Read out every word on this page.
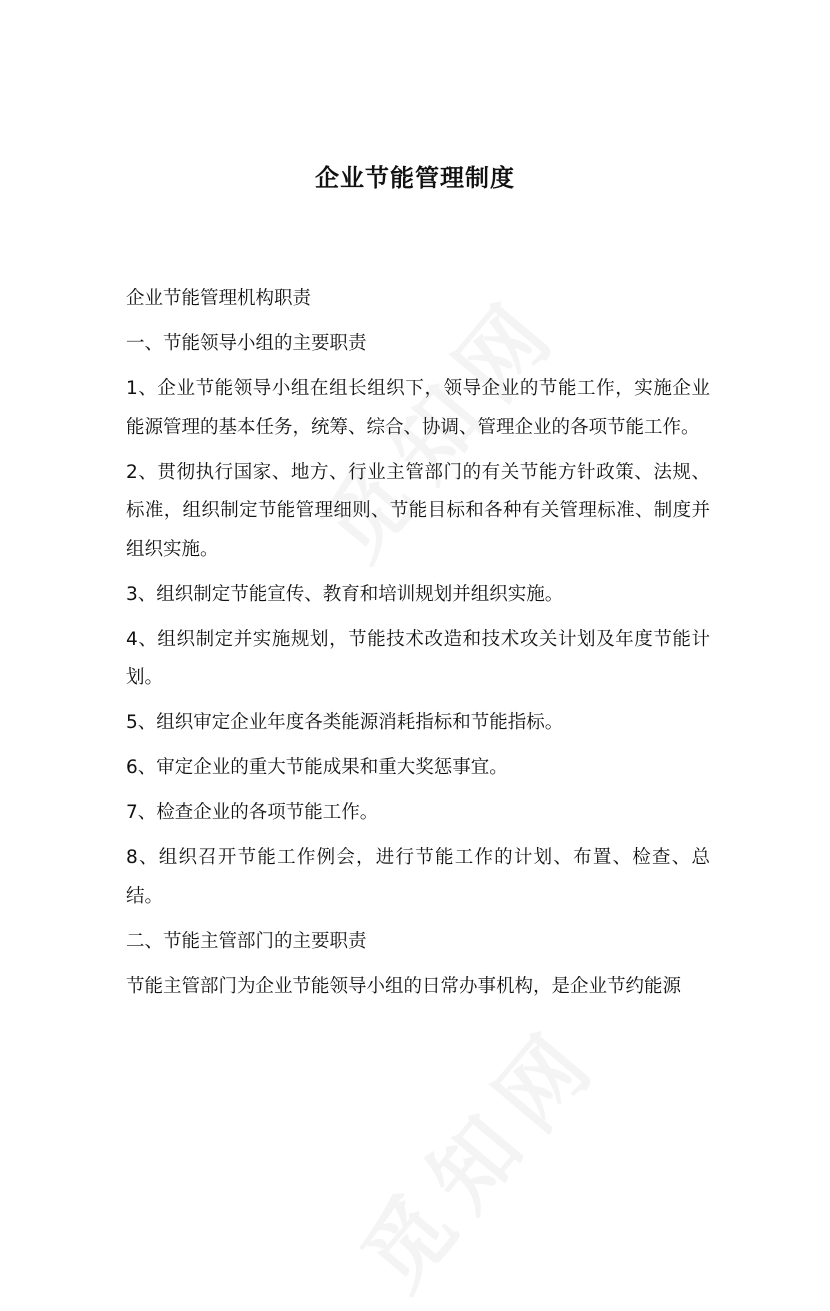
企业节能管理制度

企业节能管理机构职责

一、节能领导小组的主要职责

1、企业节能领导小组在组长组织下，领导企业的节能工作，实施企业能源管理的基本任务，统筹、综合、协调、管理企业的各项节能工作。

2、贯彻执行国家、地方、行业主管部门的有关节能方针政策、法规、标准，组织制定节能管理细则、节能目标和各种有关管理标准、制度并组织实施。

3、组织制定节能宣传、教育和培训规划并组织实施。

4、组织制定并实施规划，节能技术改造和技术攻关计划及年度节能计划。

5、组织审定企业年度各类能源消耗指标和节能指标。

6、审定企业的重大节能成果和重大奖惩事宜。

7、检查企业的各项节能工作。

8、组织召开节能工作例会，进行节能工作的计划、布置、检查、总结。

二、节能主管部门的主要职责

节能主管部门为企业节能领导小组的日常办事机构，是企业节约能源
